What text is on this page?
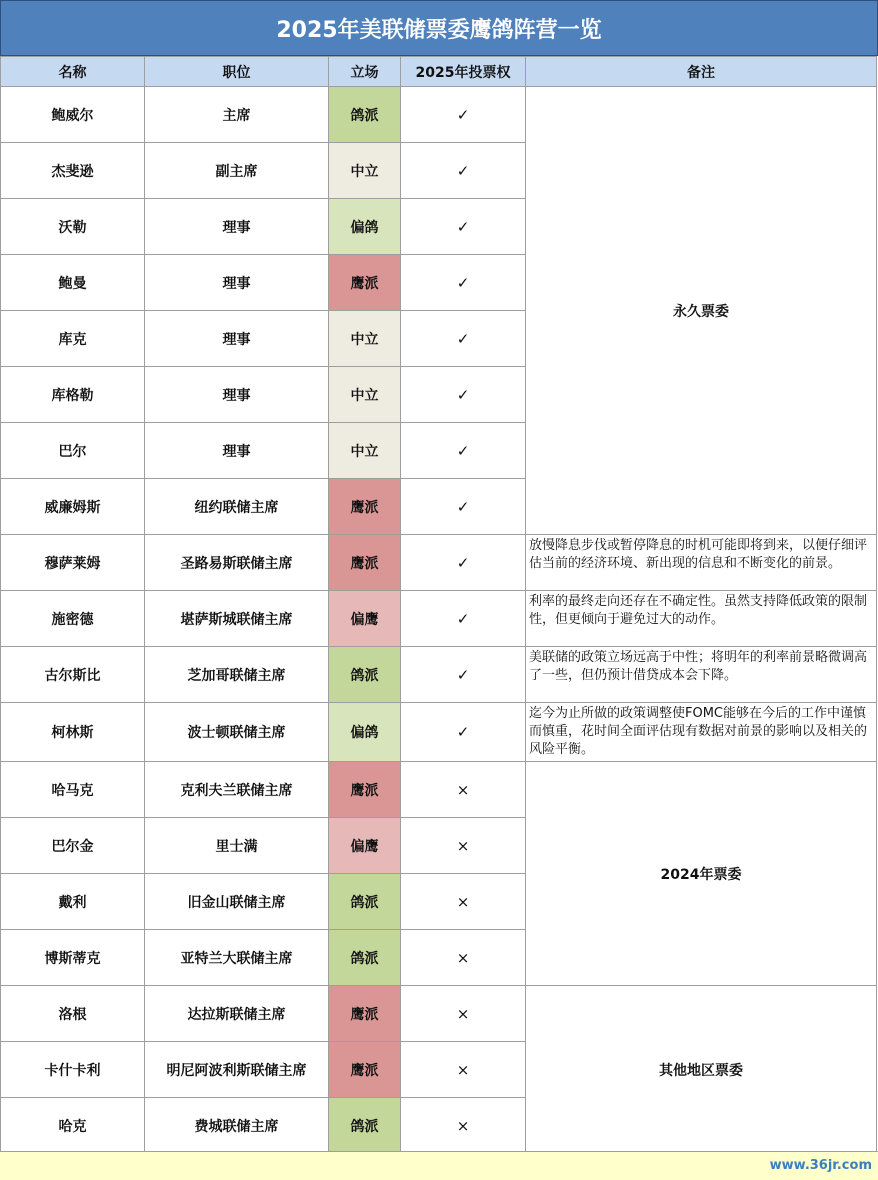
2025年美联储票委鹰鸽阵营一览
名称	职位	立场	2025年投票权	备注
鲍威尔	主席	鸽派	✓	永久票委
杰斐逊	副主席	中立	✓	
沃勒	理事	偏鸽	✓	
鲍曼	理事	鹰派	✓	
库克	理事	中立	✓	
库格勒	理事	中立	✓	
巴尔	理事	中立	✓	
威廉姆斯	纽约联储主席	鹰派	✓	
穆萨莱姆	圣路易斯联储主席	鹰派	✓	放慢降息步伐或暂停降息的时机可能即将到来，以便仔细评估当前的经济环境、新出现的信息和不断变化的前景。
施密德	堪萨斯城联储主席	偏鹰	✓	利率的最终走向还存在不确定性。虽然支持降低政策的限制性，但更倾向于避免过大的动作。
古尔斯比	芝加哥联储主席	鸽派	✓	美联储的政策立场远高于中性；将明年的利率前景略微调高了一些，但仍预计借贷成本会下降。
柯林斯	波士顿联储主席	偏鸽	✓	迄今为止所做的政策调整使FOMC能够在今后的工作中谨慎而慎重，花时间全面评估现有数据对前景的影响以及相关的风险平衡。
哈马克	克利夫兰联储主席	鹰派	×	2024年票委
巴尔金	里士满	偏鹰	×	
戴利	旧金山联储主席	鸽派	×	
博斯蒂克	亚特兰大联储主席	鸽派	×	
洛根	达拉斯联储主席	鹰派	×	其他地区票委
卡什卡利	明尼阿波利斯联储主席	鹰派	×	
哈克	费城联储主席	鸽派	×	
www.36jr.com
